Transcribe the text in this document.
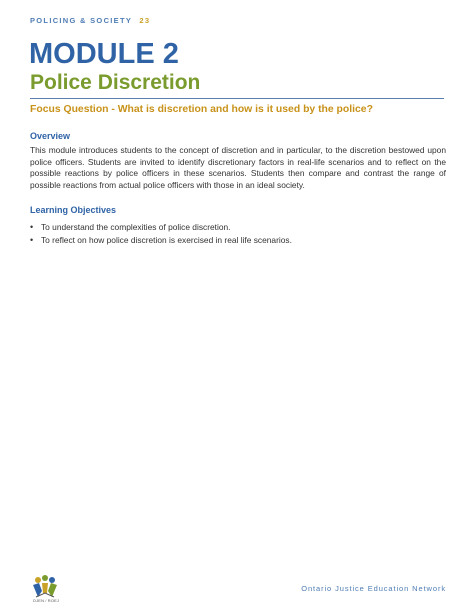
POLICING & SOCIETY 23
MODULE 2
Police Discretion
Focus Question - What is discretion and how is it used by the police?
Overview
This module introduces students to the concept of discretion and in particular, to the discretion bestowed upon police officers. Students are invited to identify discretionary factors in real-life scenarios and to reflect on the possible reactions by police officers in these scenarios. Students then compare and contrast the range of possible reactions from actual police officers with those in an ideal society.
Learning Objectives
• To understand the complexities of police discretion.
• To reflect on how police discretion is exercised in real life scenarios.
OJEN ⁄ ROEJ
Ontario Justice Education Network
